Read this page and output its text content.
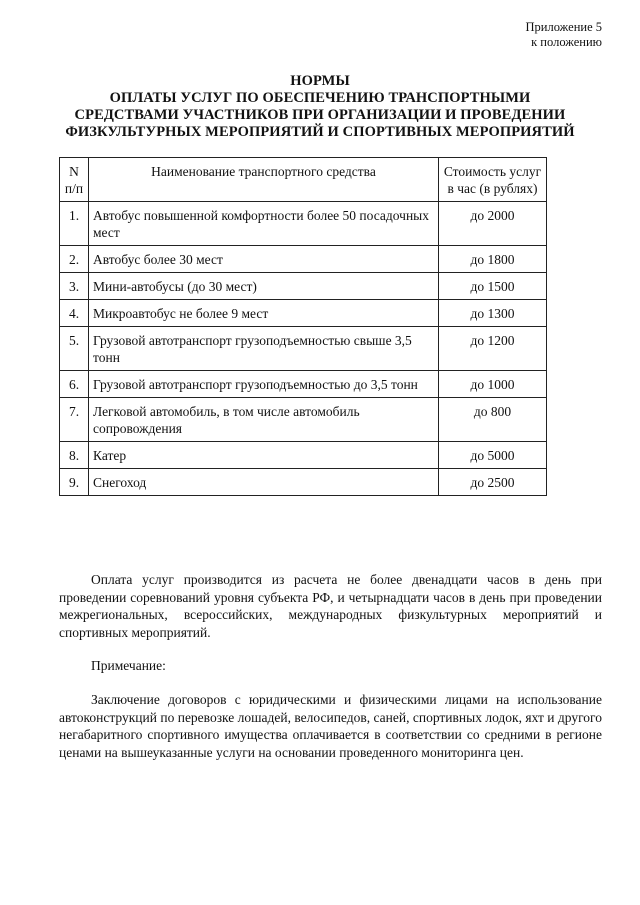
Приложение 5
к положению
НОРМЫ
ОПЛАТЫ УСЛУГ ПО ОБЕСПЕЧЕНИЮ ТРАНСПОРТНЫМИ
СРЕДСТВАМИ УЧАСТНИКОВ ПРИ ОРГАНИЗАЦИИ И ПРОВЕДЕНИИ
ФИЗКУЛЬТУРНЫХ МЕРОПРИЯТИЙ И СПОРТИВНЫХ МЕРОПРИЯТИЙ
N п/п	Наименование транспортного средства	Стоимость услуг в час (в рублях)
1.	Автобус повышенной комфортности более 50 посадочных мест	до 2000
2.	Автобус более 30 мест	до 1800
3.	Мини-автобусы (до 30 мест)	до 1500
4.	Микроавтобус не более 9 мест	до 1300
5.	Грузовой автотранспорт грузоподъемностью свыше 3,5 тонн	до 1200
6.	Грузовой автотранспорт грузоподъемностью до 3,5 тонн	до 1000
7.	Легковой автомобиль, в том числе автомобиль сопровождения	до 800
8.	Катер	до 5000
9.	Снегоход	до 2500
Оплата услуг производится из расчета не более двенадцати часов в день при проведении соревнований уровня субъекта РФ, и четырнадцати часов в день при проведении межрегиональных, всероссийских, международных физкультурных мероприятий и спортивных мероприятий.
Примечание:
Заключение договоров с юридическими и физическими лицами на использование автоконструкций по перевозке лошадей, велосипедов, саней, спортивных лодок, яхт и другого негабаритного спортивного имущества оплачивается в соответствии со средними в регионе ценами на вышеуказанные услуги на основании проведенного мониторинга цен.
